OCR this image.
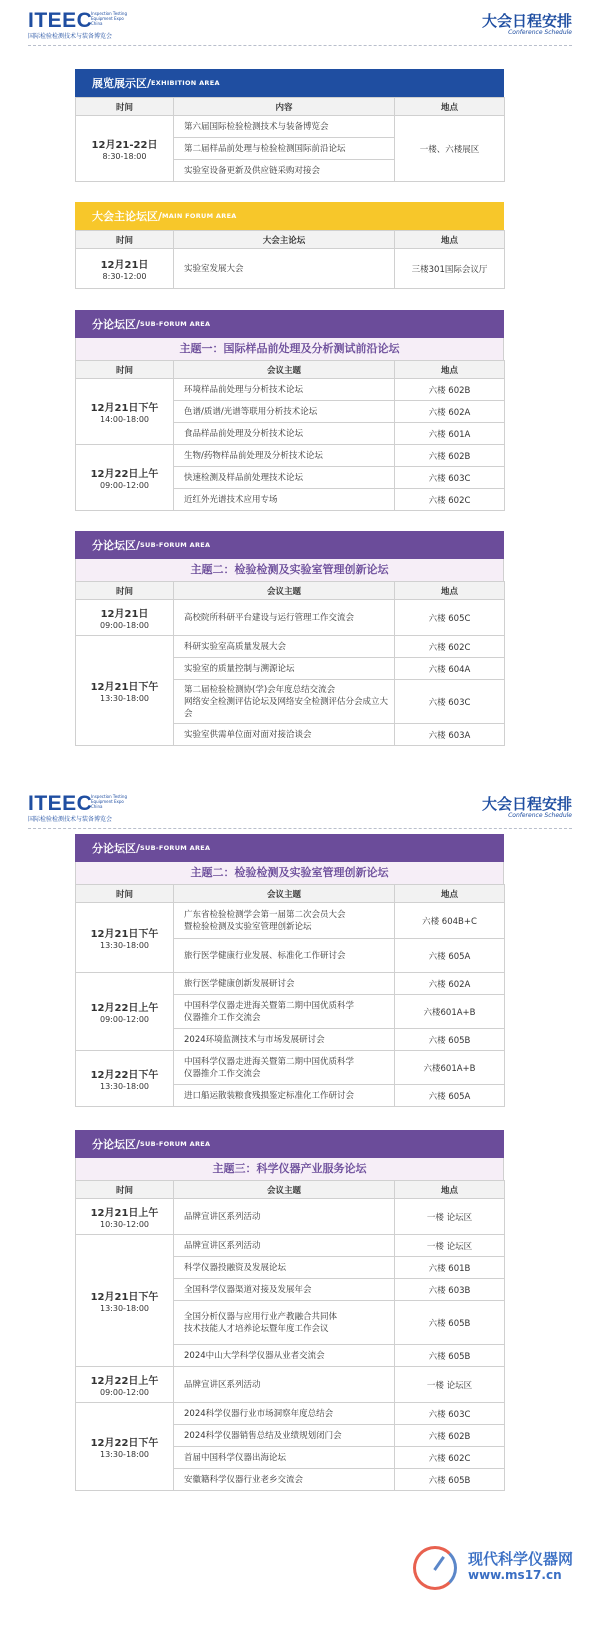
ITEEC
Inspection Testing Equipment Expo China
国际检验检测技术与装备博览会
大会日程安排
Conference Schedule
展览展示区/ EXHIBITION AREA
时间	内容	地点

12月21-22日
8:30-18:00	第六届国际检验检测技术与装备博览会	一楼、六楼展区
	第二届样品前处理与检验检测国际前沿论坛	
	实验室设备更新及供应链采购对接会	
大会主论坛区/ MAIN FORUM AREA
时间	大会主论坛	地点

12月21日
8:30-12:00	实验室发展大会	三楼301国际会议厅
分论坛区/ SUB-FORUM AREA
主题一：国际样品前处理及分析测试前沿论坛
时间	会议主题	地点

12月21日下午
14:00-18:00	环境样品前处理与分析技术论坛	六楼 602B
	色谱/质谱/光谱等联用分析技术论坛	六楼 602A
	食品样品前处理及分析技术论坛	六楼 601A

12月22日上午
09:00-12:00	生物/药物样品前处理及分析技术论坛	六楼 602B
	快速检测及样品前处理技术论坛	六楼 603C
	近红外光谱技术应用专场	六楼 602C
分论坛区/ SUB-FORUM AREA
主题二：检验检测及实验室管理创新论坛
时间	会议主题	地点

12月21日
09:00-18:00	高校院所科研平台建设与运行管理工作交流会	六楼 605C

12月21日下午
13:30-18:00	科研实验室高质量发展大会	六楼 602C
	实验室的质量控制与溯源论坛	六楼 604A
	第二届检验检测协(学)会年度总结交流会
网络安全检测评估论坛及网络安全检测评估分会成立大会	六楼 603C
	实验室供需单位面对面对接洽谈会	六楼 603A
分论坛区/ SUB-FORUM AREA
主题二：检验检测及实验室管理创新论坛
时间	会议主题	地点

12月21日下午
13:30-18:00	广东省检验检测学会第一届第二次会员大会
暨检验检测及实验室管理创新论坛	六楼 604B+C
	旅行医学健康行业发展、标准化工作研讨会	六楼 605A

12月22日上午
09:00-12:00	旅行医学健康创新发展研讨会	六楼 602A
	中国科学仪器走进海关暨第二期中国优质科学
仪器推介工作交流会	六楼601A+B
	2024环境监测技术与市场发展研讨会	六楼 605B

12月22日下午
13:30-18:00	中国科学仪器走进海关暨第二期中国优质科学
仪器推介工作交流会	六楼601A+B
	进口船运散装粮食残损鉴定标准化工作研讨会	六楼 605A
分论坛区/ SUB-FORUM AREA
主题三：科学仪器产业服务论坛
时间	会议主题	地点

12月21日上午
10:30-12:00	品牌宣讲区系列活动	一楼 论坛区

12月21日下午
13:30-18:00	品牌宣讲区系列活动	一楼 论坛区
	科学仪器投融资及发展论坛	六楼 601B
	全国科学仪器渠道对接及发展年会	六楼 603B
	全国分析仪器与应用行业产教融合共同体
技术技能人才培养论坛暨年度工作会议	六楼 605B
	2024中山大学科学仪器从业者交流会	六楼 605B

12月22日上午
09:00-12:00	品牌宣讲区系列活动	一楼 论坛区

12月22日下午
13:30-18:00	2024科学仪器行业市场洞察年度总结会	六楼 603C
	2024科学仪器销售总结及业绩规划闭门会	六楼 602B
	首届中国科学仪器出海论坛	六楼 602C
	安徽籍科学仪器行业老乡交流会	六楼 605B
ITEEC
Inspection Testing Equipment Expo China
国际检验检测技术与装备博览会
大会日程安排
Conference Schedule
现代科学仪器网
www.ms17.cn
